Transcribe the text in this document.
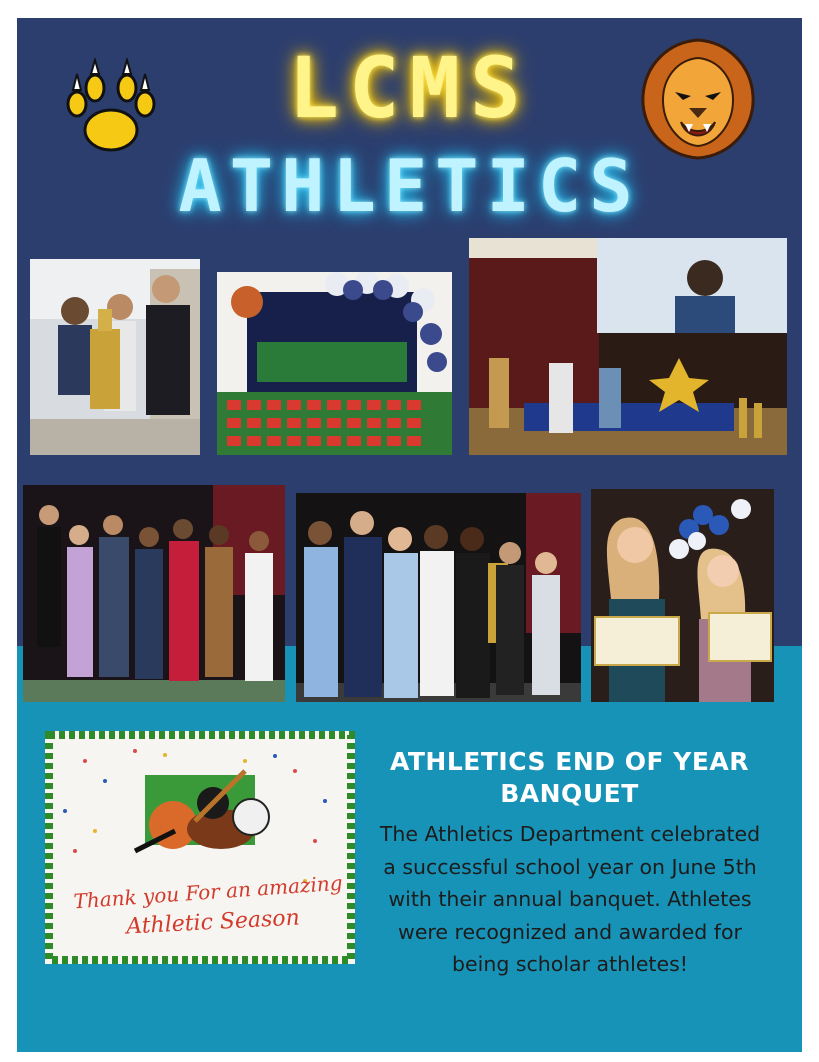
LCMS
ATHLETICS
Thank you For an amazing
Athletic Season
ATHLETICS END OF YEAR BANQUET
The Athletics Department celebrated a successful school year on June 5th with their annual banquet. Athletes were recognized and awarded for being scholar athletes!
